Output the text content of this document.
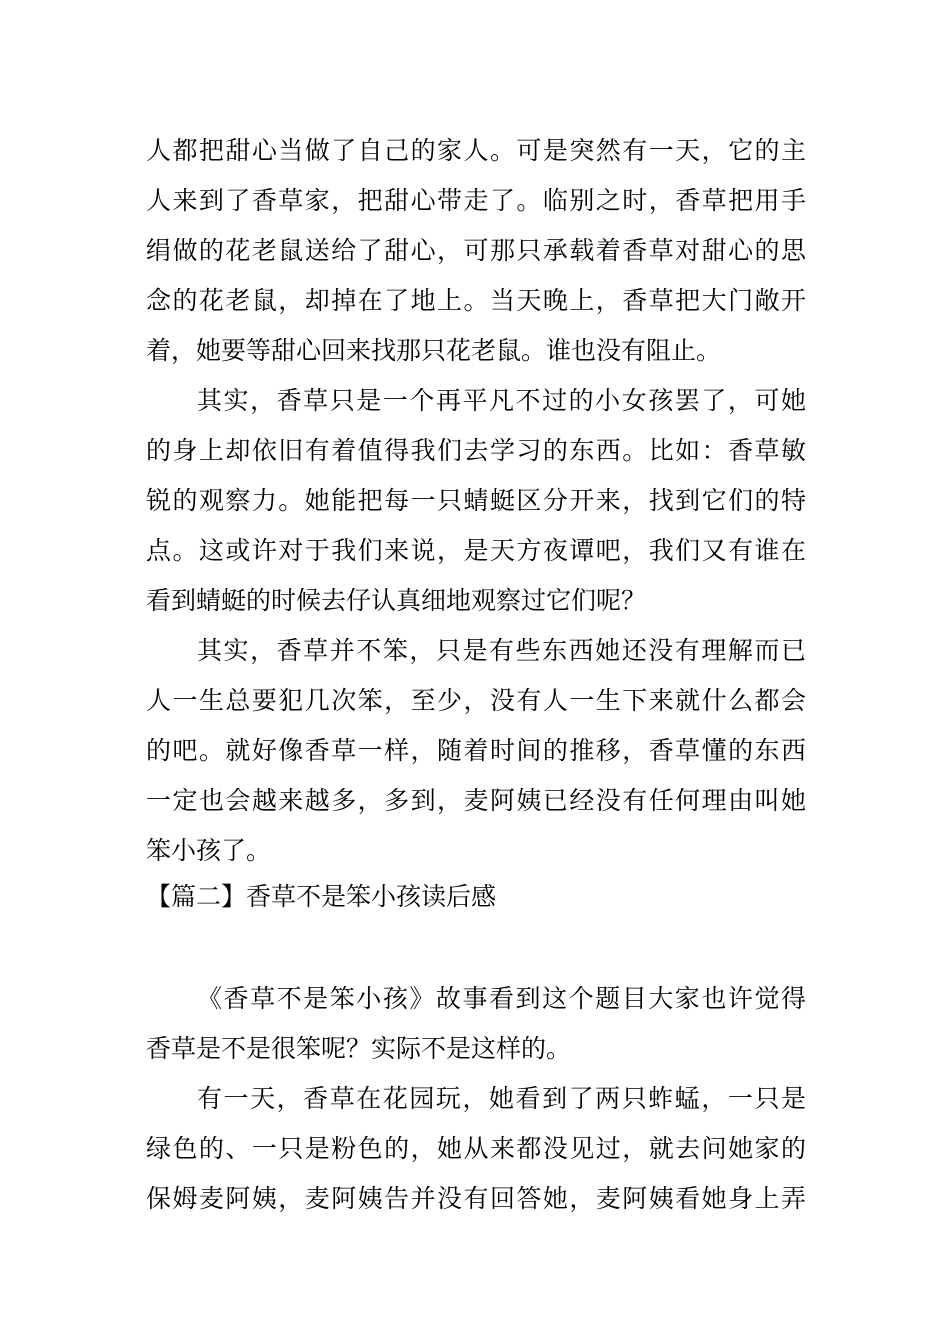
人都把甜心当做了自己的家人。可是突然有一天，它的主
人来到了香草家，把甜心带走了。临别之时，香草把用手
绢做的花老鼠送给了甜心，可那只承载着香草对甜心的思
念的花老鼠，却掉在了地上。当天晚上，香草把大门敞开
着，她要等甜心回来找那只花老鼠。谁也没有阻止。
其实，香草只是一个再平凡不过的小女孩罢了，可她
的身上却依旧有着值得我们去学习的东西。比如：香草敏
锐的观察力。她能把每一只蜻蜓区分开来，找到它们的特
点。这或许对于我们来说，是天方夜谭吧，我们又有谁在
看到蜻蜓的时候去仔认真细地观察过它们呢？
其实，香草并不笨，只是有些东西她还没有理解而已
人一生总要犯几次笨，至少，没有人一生下来就什么都会
的吧。就好像香草一样，随着时间的推移，香草懂的东西
一定也会越来越多，多到，麦阿姨已经没有任何理由叫她
笨小孩了。
【篇二】香草不是笨小孩读后感
《香草不是笨小孩》故事看到这个题目大家也许觉得
香草是不是很笨呢？实际不是这样的。
有一天，香草在花园玩，她看到了两只蚱蜢，一只是
绿色的、一只是粉色的，她从来都没见过，就去问她家的
保姆麦阿姨，麦阿姨告并没有回答她，麦阿姨看她身上弄
